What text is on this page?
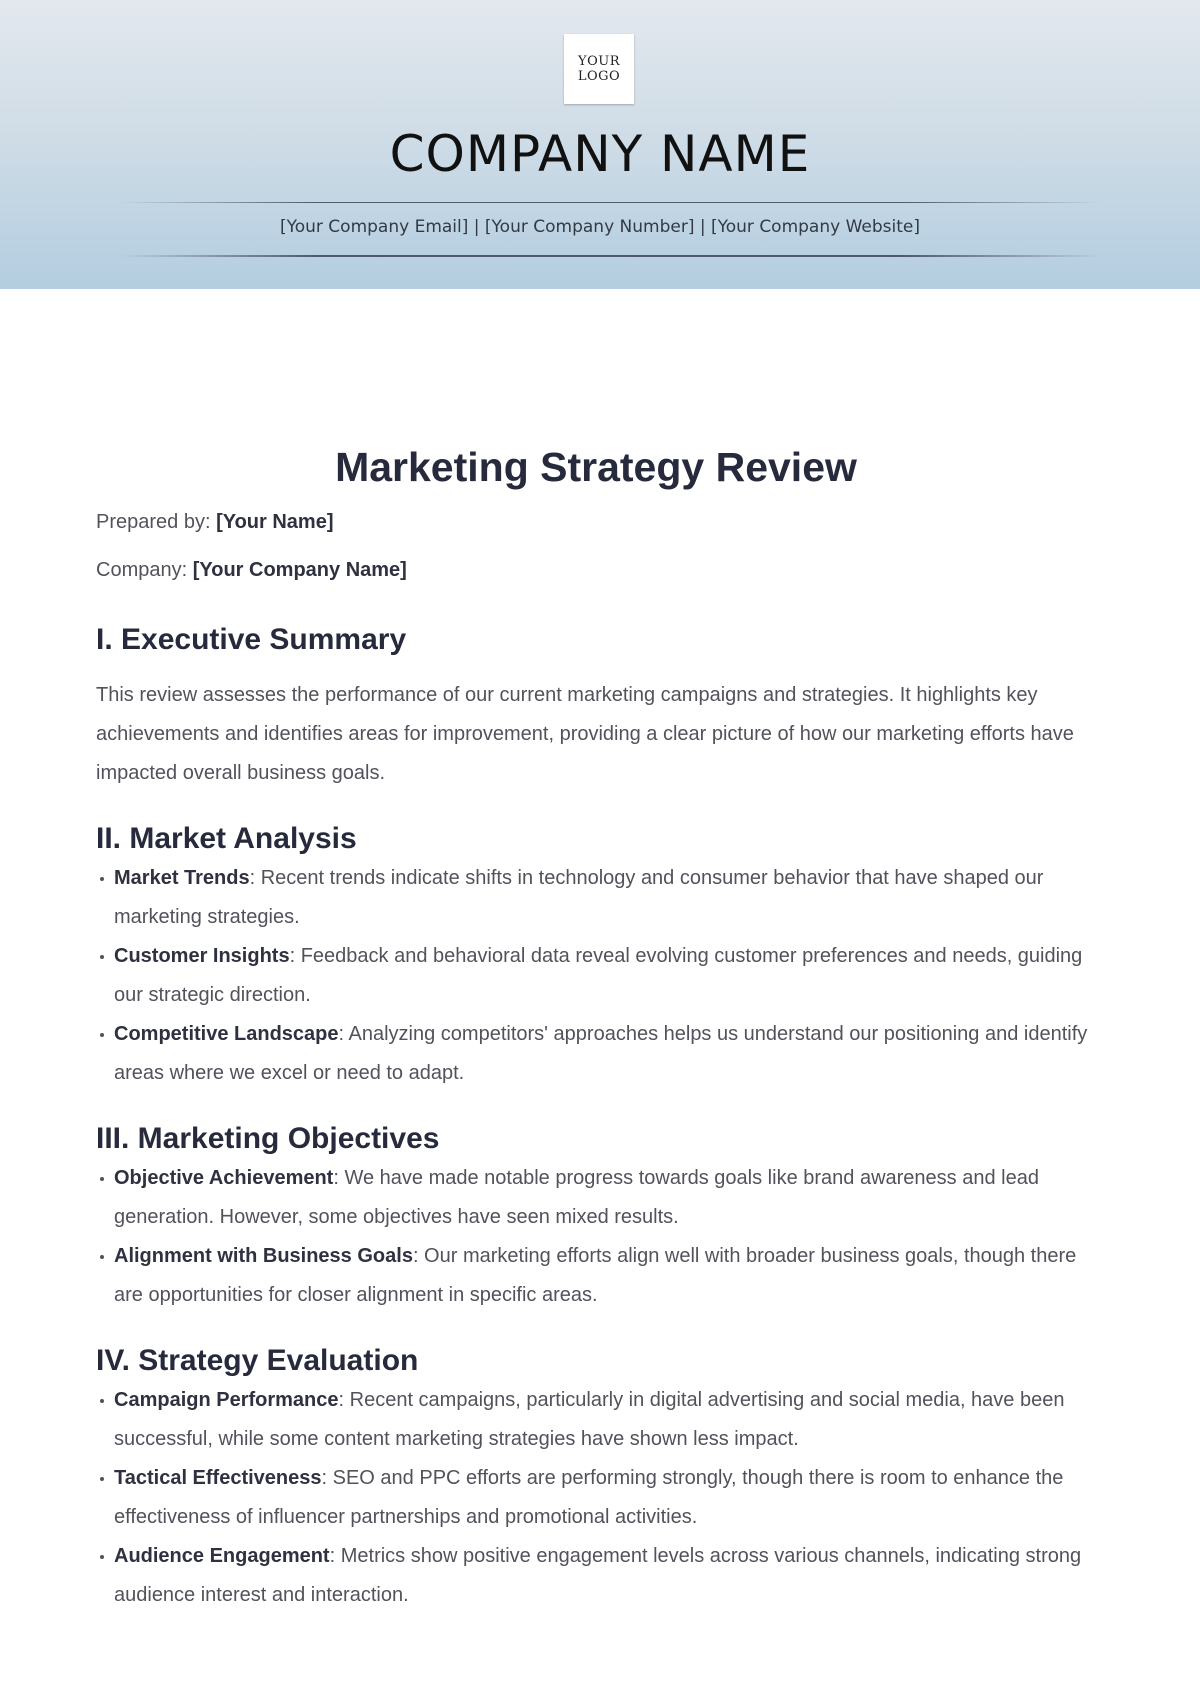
YOUR
LOGO
COMPANY NAME
[Your Company Email] | [Your Company Number] | [Your Company Website]
Marketing Strategy Review

Prepared by: [Your Name]

Company: [Your Company Name]

I. Executive Summary

This review assesses the performance of our current marketing campaigns and strategies. It highlights key achievements and identifies areas for improvement, providing a clear picture of how our marketing efforts have impacted overall business goals.

II. Market Analysis
Market Trends: Recent trends indicate shifts in technology and consumer behavior that have shaped our marketing strategies.
Customer Insights: Feedback and behavioral data reveal evolving customer preferences and needs, guiding our strategic direction.
Competitive Landscape: Analyzing competitors' approaches helps us understand our positioning and identify areas where we excel or need to adapt.
III. Marketing Objectives
Objective Achievement: We have made notable progress towards goals like brand awareness and lead generation. However, some objectives have seen mixed results.
Alignment with Business Goals: Our marketing efforts align well with broader business goals, though there are opportunities for closer alignment in specific areas.
IV. Strategy Evaluation
Campaign Performance: Recent campaigns, particularly in digital advertising and social media, have been successful, while some content marketing strategies have shown less impact.
Tactical Effectiveness: SEO and PPC efforts are performing strongly, though there is room to enhance the effectiveness of influencer partnerships and promotional activities.
Audience Engagement: Metrics show positive engagement levels across various channels, indicating strong audience interest and interaction.
